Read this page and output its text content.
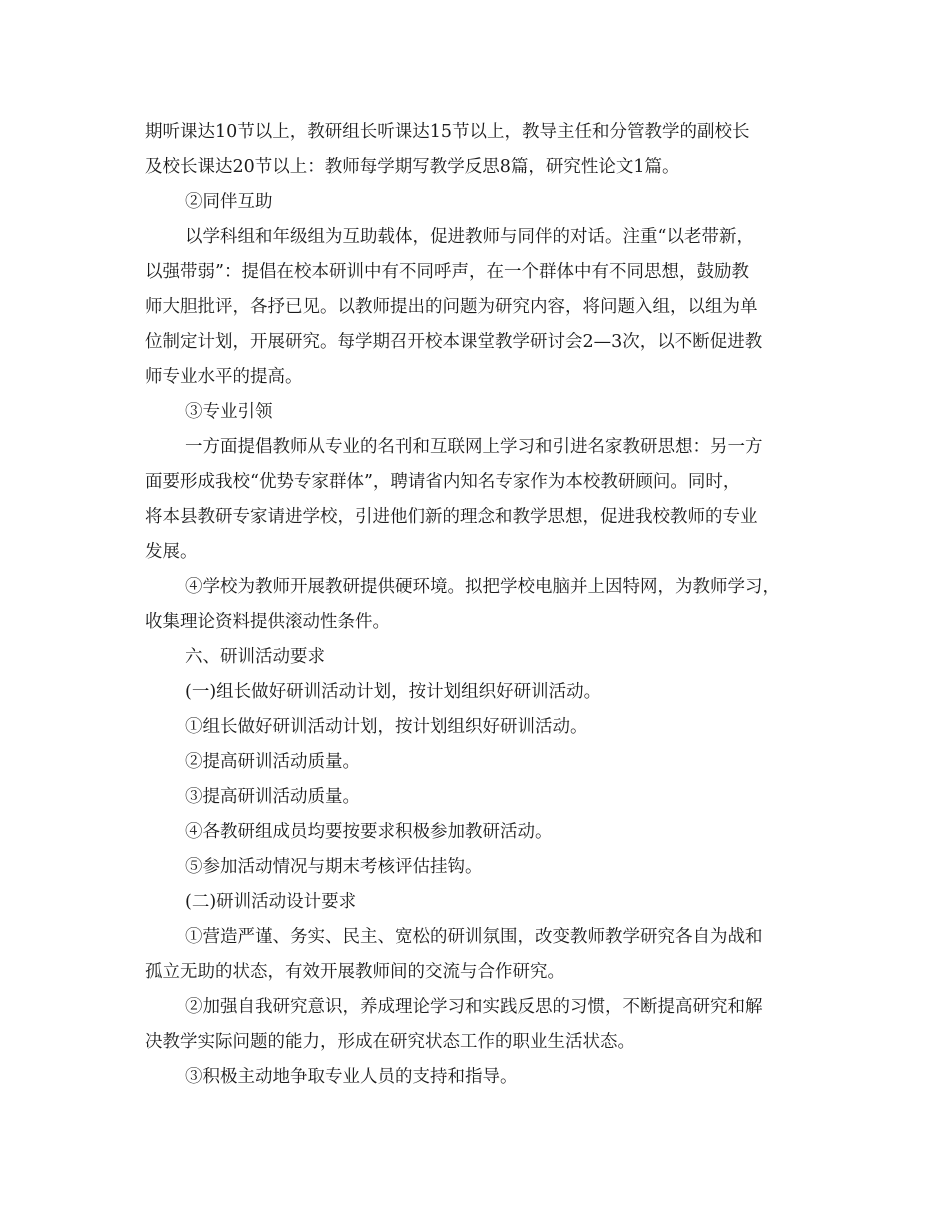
期听课达10节以上，教研组长听课达15节以上，教导主任和分管教学的副校长
及校长课达20节以上：教师每学期写教学反思8篇，研究性论文1篇。
②同伴互助
以学科组和年级组为互助载体，促进教师与同伴的对话。注重“以老带新，
以强带弱”：提倡在校本研训中有不同呼声，在一个群体中有不同思想，鼓励教
师大胆批评，各抒已见。以教师提出的问题为研究内容，将问题入组，以组为单
位制定计划，开展研究。每学期召开校本课堂教学研讨会2—3次，以不断促进教
师专业水平的提高。
③专业引领
一方面提倡教师从专业的名刊和互联网上学习和引进名家教研思想：另一方
面要形成我校“优势专家群体”，聘请省内知名专家作为本校教研顾问。同时，
将本县教研专家请进学校，引进他们新的理念和教学思想，促进我校教师的专业
发展。
④学校为教师开展教研提供硬环境。拟把学校电脑并上因特网，为教师学习，
收集理论资料提供滚动性条件。
六、研训活动要求
(一)组长做好研训活动计划，按计划组织好研训活动。
①组长做好研训活动计划，按计划组织好研训活动。
②提高研训活动质量。
③提高研训活动质量。
④各教研组成员均要按要求积极参加教研活动。
⑤参加活动情况与期末考核评估挂钩。
(二)研训活动设计要求
①营造严谨、务实、民主、宽松的研训氛围，改变教师教学研究各自为战和
孤立无助的状态，有效开展教师间的交流与合作研究。
②加强自我研究意识，养成理论学习和实践反思的习惯，不断提高研究和解
决教学实际问题的能力，形成在研究状态工作的职业生活状态。
③积极主动地争取专业人员的支持和指导。
